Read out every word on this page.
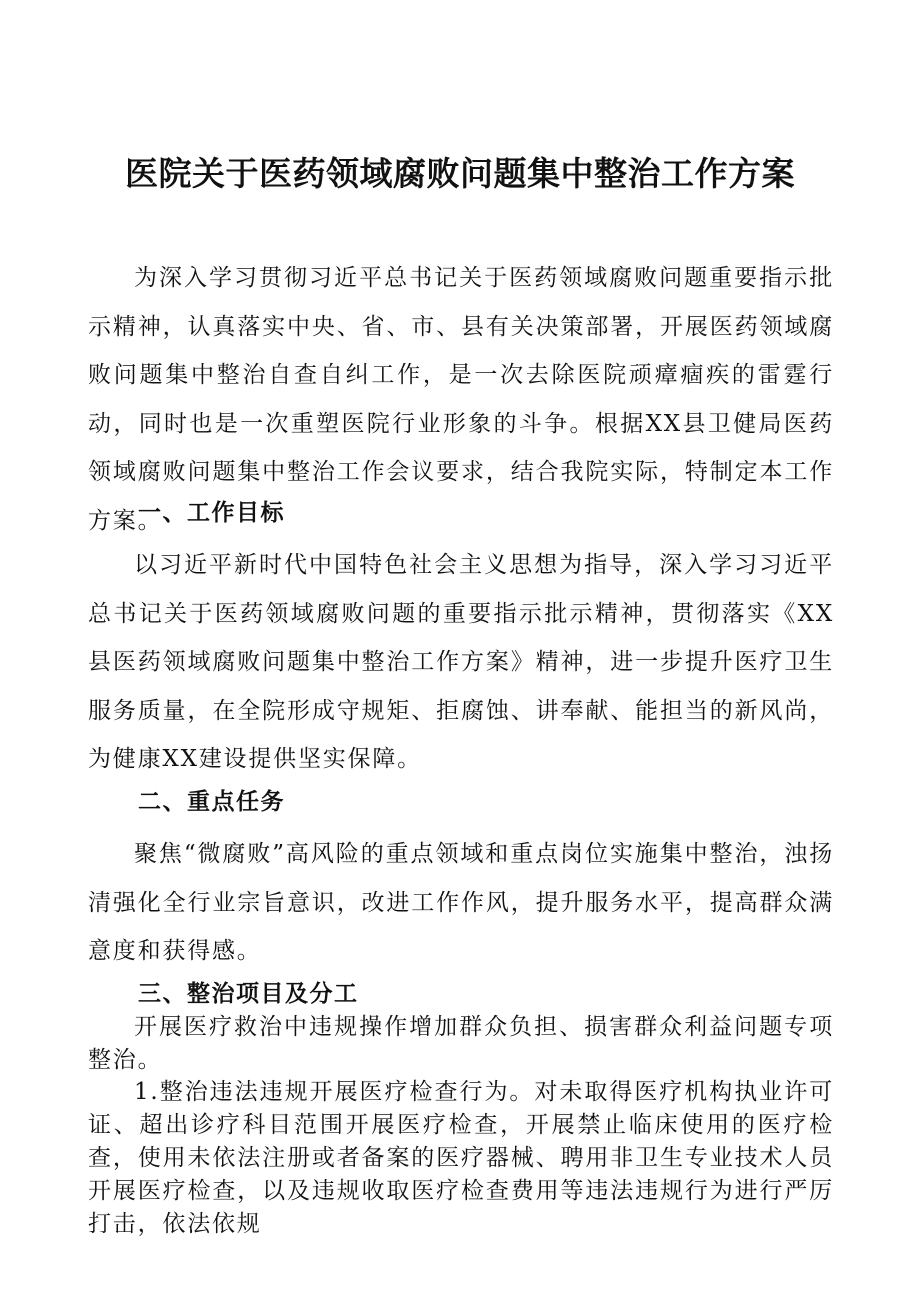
医院关于医药领域腐败问题集中整治工作方案

为深入学习贯彻习近平总书记关于医药领域腐败问题重要指示批示精神，认真落实中央、省、市、县有关决策部署，开展医药领域腐败问题集中整治自查自纠工作，是一次去除医院顽瘴痼疾的雷霆行动，同时也是一次重塑医院行业形象的斗争。根据XX县卫健局医药领域腐败问题集中整治工作会议要求，结合我院实际，特制定本工作方案。

一、工作目标

以习近平新时代中国特色社会主义思想为指导，深入学习习近平总书记关于医药领域腐败问题的重要指示批示精神，贯彻落实《XX县医药领域腐败问题集中整治工作方案》精神，进一步提升医疗卫生服务质量，在全院形成守规矩、拒腐蚀、讲奉献、能担当的新风尚，为健康XX建设提供坚实保障。

二、重点任务

聚焦“微腐败”高风险的重点领域和重点岗位实施集中整治，浊扬清强化全行业宗旨意识，改进工作作风，提升服务水平，提高群众满意度和获得感。

三、整治项目及分工

开展医疗救治中违规操作增加群众负担、损害群众利益问题专项整治。

1.整治违法违规开展医疗检查行为。对未取得医疗机构执业许可证、超出诊疗科目范围开展医疗检查，开展禁止临床使用的医疗检查，使用未依法注册或者备案的医疗器械、聘用非卫生专业技术人员开展医疗检查，以及违规收取医疗检查费用等违法违规行为进行严厉打击，依法依规
